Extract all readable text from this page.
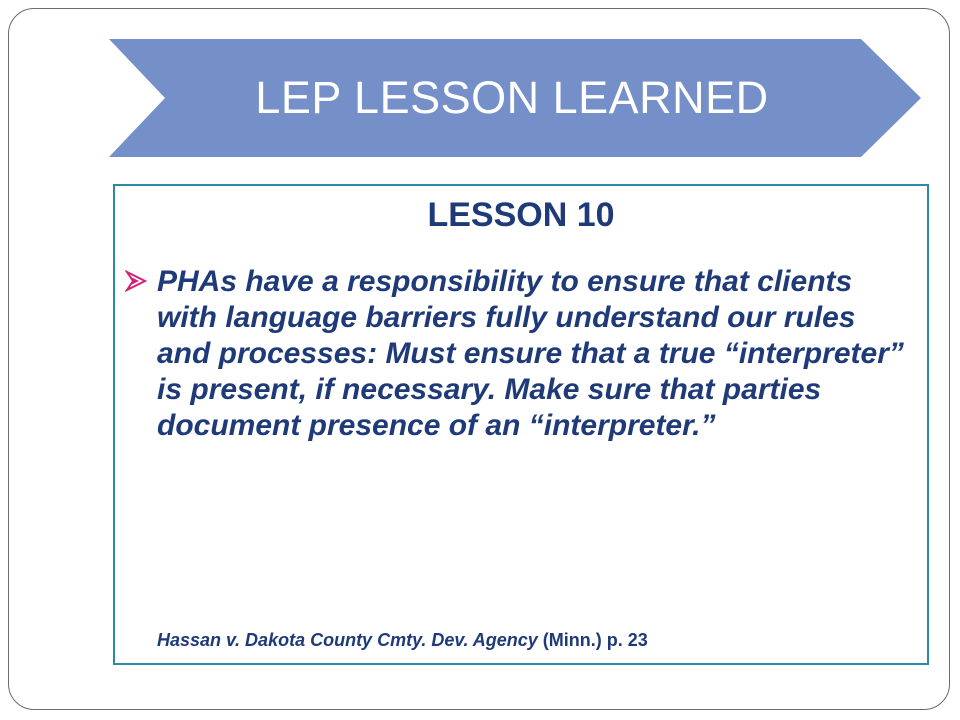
LEP LESSON LEARNED
LESSON 10
PHAs have a responsibility to ensure that clients with language barriers fully understand our rules and processes: Must ensure that a true “interpreter” is present, if necessary. Make sure that parties document presence of an “interpreter.”
Hassan v. Dakota County Cmty. Dev. Agency (Minn.) p. 23
